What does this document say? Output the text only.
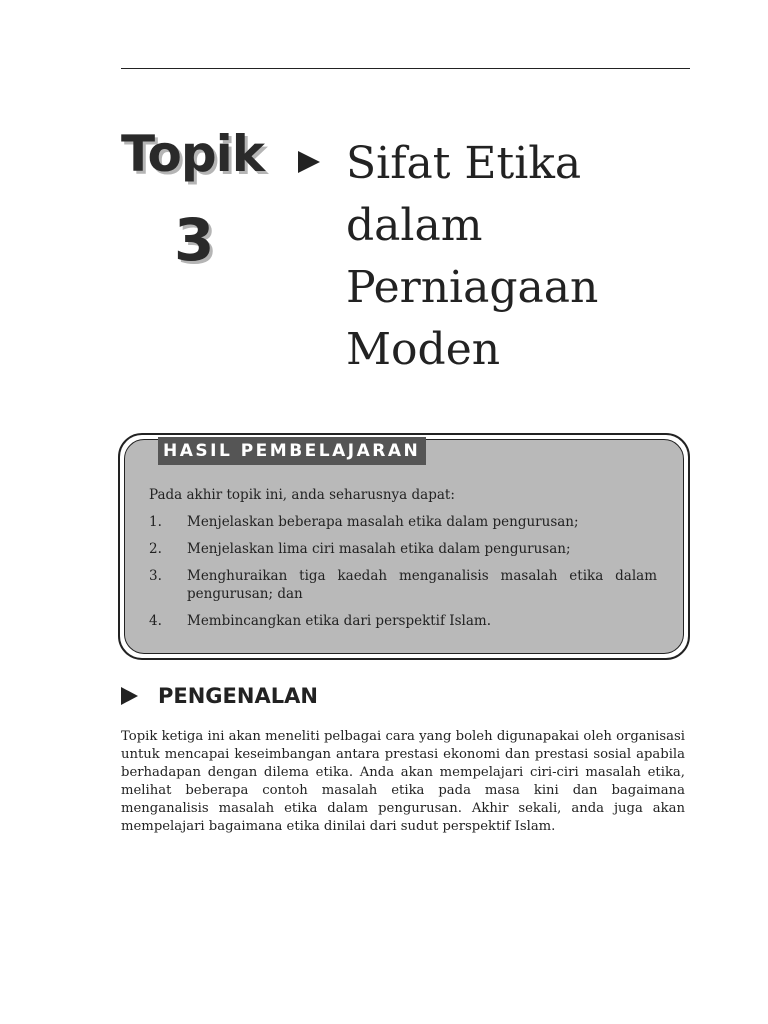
Topik
3
Sifat Etika
dalam
Perniagaan
Moden
HASIL PEMBELAJARAN
Pada akhir topik ini, anda seharusnya dapat:
1. Menjelaskan beberapa masalah etika dalam pengurusan;
2. Menjelaskan lima ciri masalah etika dalam pengurusan;
3. Menghuraikan tiga kaedah menganalisis masalah etika dalam pengurusan; dan
4. Membincangkan etika dari perspektif Islam.
PENGENALAN

Topik ketiga ini akan meneliti pelbagai cara yang boleh digunapakai oleh organisasi untuk mencapai keseimbangan antara prestasi ekonomi dan prestasi sosial apabila berhadapan dengan dilema etika. Anda akan mempelajari ciri-ciri masalah etika, melihat beberapa contoh masalah etika pada masa kini dan bagaimana menganalisis masalah etika dalam pengurusan. Akhir sekali, anda juga akan mempelajari bagaimana etika dinilai dari sudut perspektif Islam.
